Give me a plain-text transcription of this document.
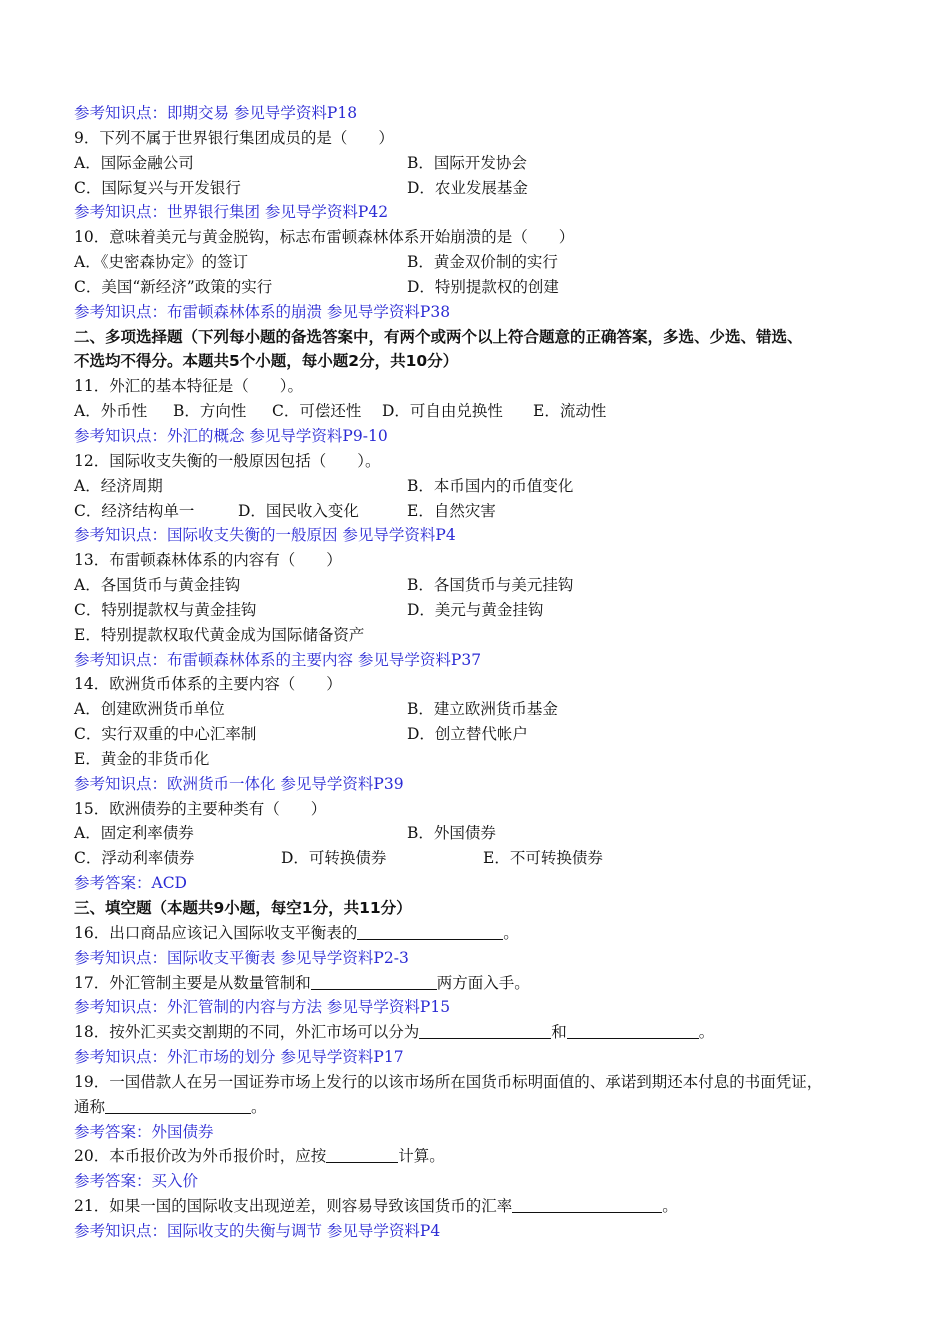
参考知识点：即期交易 参见导学资料P18
9．下列不属于世界银行集团成员的是（　　）
A．国际金融公司	B．国际开发协会
C．国际复兴与开发银行	D．农业发展基金
参考知识点：世界银行集团 参见导学资料P42
10．意味着美元与黄金脱钩，标志布雷顿森林体系开始崩溃的是（　　）
A．《史密森协定》的签订	B．黄金双价制的实行
C．美国“新经济”政策的实行	D．特别提款权的创建
参考知识点：布雷顿森林体系的崩溃 参见导学资料P38
二、多项选择题（下列每小题的备选答案中，有两个或两个以上符合题意的正确答案，多选、少选、错选、
不选均不得分。本题共5个小题，每小题2分，共10分）
11．外汇的基本特征是（　　）。
A．外币性 B．方向性 C．可偿还性 D．可自由兑换性 E．流动性
参考知识点：外汇的概念 参见导学资料P9-10
12．国际收支失衡的一般原因包括（　　）。
A．经济周期	B．本币国内的币值变化
C．经济结构单一	D．国民收入变化	E．自然灾害
参考知识点：国际收支失衡的一般原因 参见导学资料P4
13．布雷顿森林体系的内容有（　　）
A．各国货币与黄金挂钩	B．各国货币与美元挂钩
C．特别提款权与黄金挂钩	D．美元与黄金挂钩
E．特别提款权取代黄金成为国际储备资产
参考知识点：布雷顿森林体系的主要内容 参见导学资料P37
14．欧洲货币体系的主要内容（　　）
A．创建欧洲货币单位	B．建立欧洲货币基金
C．实行双重的中心汇率制	D．创立替代帐户
E．黄金的非货币化
参考知识点：欧洲货币一体化 参见导学资料P39
15．欧洲债券的主要种类有（　　）
A．固定利率债券	B．外国债券
C．浮动利率债券	D．可转换债券	E．不可转换债券
参考答案：ACD
三、填空题（本题共9小题，每空1分，共11分）
16．出口商品应该记入国际收支平衡表的	。
参考知识点：国际收支平衡表 参见导学资料P2-3
17．外汇管制主要是从数量管制和	两方面入手。
参考知识点：外汇管制的内容与方法 参见导学资料P15
18．按外汇买卖交割期的不同，外汇市场可以分为	和	。
参考知识点：外汇市场的划分 参见导学资料P17
19．一国借款人在另一国证券市场上发行的以该市场所在国货币标明面值的、承诺到期还本付息的书面凭证，
通称	。
参考答案：外国债券
20．本币报价改为外币报价时，应按	计算。
参考答案：买入价
21．如果一国的国际收支出现逆差，则容易导致该国货币的汇率	。
参考知识点：国际收支的失衡与调节 参见导学资料P4
